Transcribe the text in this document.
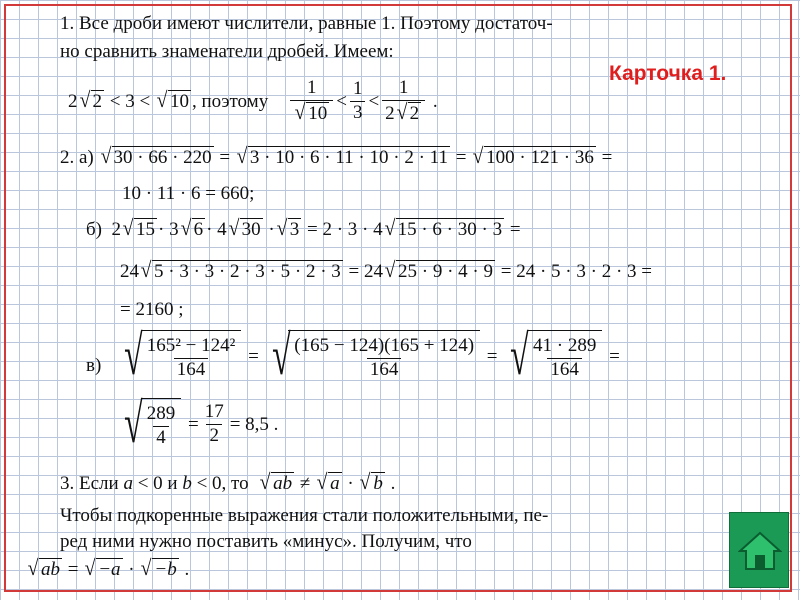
1. Все дроби имеют числители, равные 1. Поэтому достаточ-
но сравнить знаменатели дробей. Имеем:
Карточка 1.
2 √ 2
<
3
<
√ 10 , поэтому
$\frac{1}{√ 10} < \frac{1}{3} < \frac{1}{2 √ 2}$
.
2. а)
√ 30 · 66 · 220
=
√ 3 · 10 · 6 · 11 · 10 · 2 · 11
=
√ 100 · 121 · 36
=
10 · 11 · 6 = 660;
б)
2 √ 15 · 3 √ 6 · 4 √ 30
· √ 3
= 2 · 3 · 4 √ 15 · 6 · 30 · 3
=
24 √ 5 · 3 · 3 · 2 · 3 · 5 · 2 · 3
= 24 √ 25 · 9 · 4 · 9
= 24 · 5 · 3 · 2 · 3 =
= 2160 ;
в) √ $\frac{\text{165² − 124²}}{164}$
=
√ $\frac{(165 - 124)(165 + 124)}{164}$
=
√ $\frac{41 \cdot 289}{164}$
=
√ $\frac{289}{4}$
= $\frac{17}{2} = 8,5$ .
3. Если
a
< 0 и
b
< 0, то
√ ab
≠
√ a
·
√ b
.
Чтобы подкоренные выражения стали положительными, пе-
ред ними нужно поставить «минус». Получим, что
√ ab
=
√ −a
·
√ −b
.
